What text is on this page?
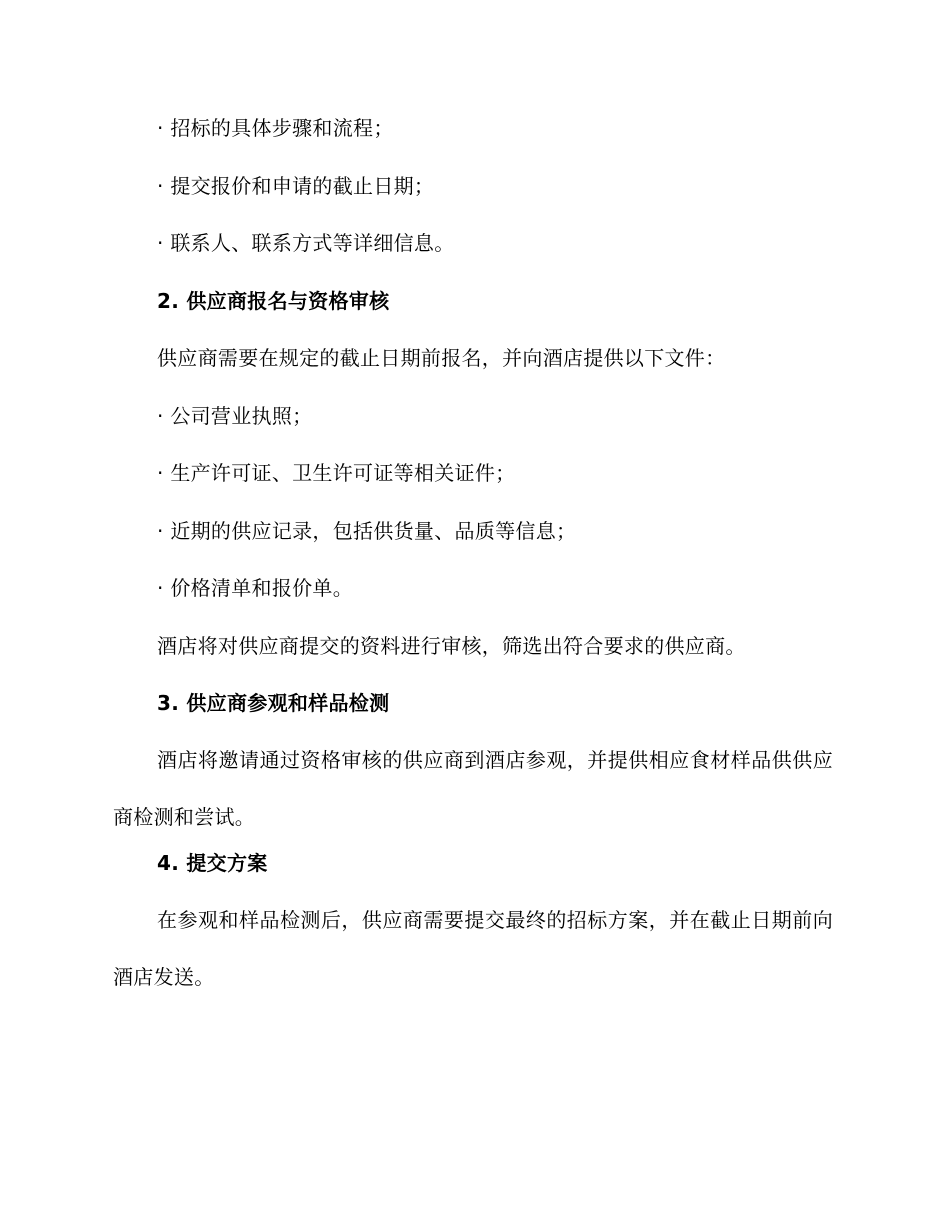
· 招标的具体步骤和流程；
· 提交报价和申请的截止日期；
· 联系人、联系方式等详细信息。
2. 供应商报名与资格审核
供应商需要在规定的截止日期前报名，并向酒店提供以下文件：
· 公司营业执照；
· 生产许可证、卫生许可证等相关证件；
· 近期的供应记录，包括供货量、品质等信息；
· 价格清单和报价单。
酒店将对供应商提交的资料进行审核，筛选出符合要求的供应商。
3. 供应商参观和样品检测
酒店将邀请通过资格审核的供应商到酒店参观，并提供相应食材样品供供应商检测和尝试。
4. 提交方案
在参观和样品检测后，供应商需要提交最终的招标方案，并在截止日期前向酒店发送。
